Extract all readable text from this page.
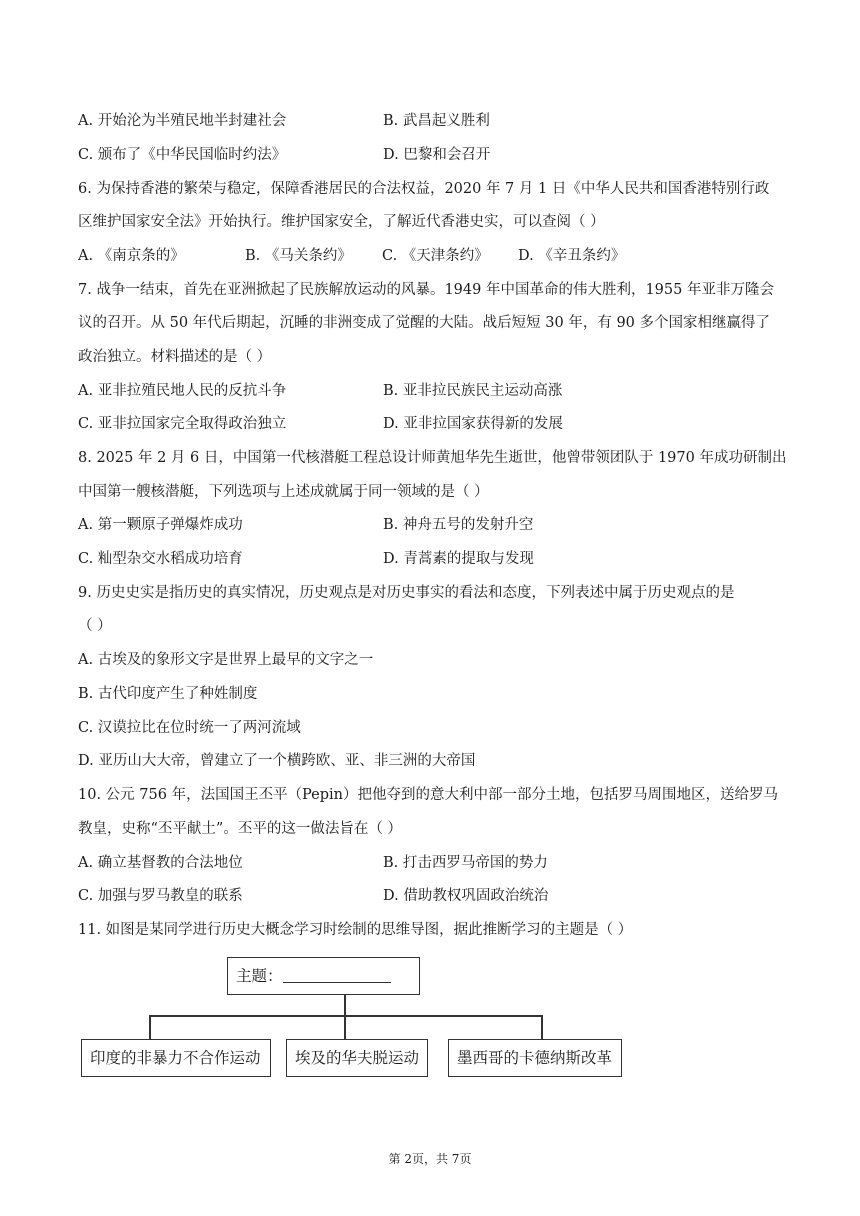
A. 开始沦为半殖民地半封建社会	B. 武昌起义胜利
C. 颁布了《中华民国临时约法》	D. 巴黎和会召开
6. 为保持香港的繁荣与稳定，保障香港居民的合法权益，2020 年 7 月 1 日《中华人民共和国香港特别行政
区维护国家安全法》开始执行。维护国家安全，了解近代香港史实，可以查阅（ ）
A. 《南京条的》	B. 《马关条约》 C. 《天津条约》 D. 《辛丑条约》
7. 战争一结束，首先在亚洲掀起了民族解放运动的风暴。1949 年中国革命的伟大胜利，1955 年亚非万隆会
议的召开。从 50 年代后期起，沉睡的非洲变成了觉醒的大陆。战后短短 30 年，有 90 多个国家相继赢得了
政治独立。材料描述的是（ ）
A. 亚非拉殖民地人民的反抗斗争	B. 亚非拉民族民主运动高涨
C. 亚非拉国家完全取得政治独立	D. 亚非拉国家获得新的发展
8. 2025 年 2 月 6 日，中国第一代核潜艇工程总设计师黄旭华先生逝世，他曾带领团队于 1970 年成功研制出
中国第一艘核潜艇，下列选项与上述成就属于同一领域的是（ ）
A. 第一颗原子弹爆炸成功	B. 神舟五号的发射升空
C. 籼型杂交水稻成功培育	D. 青蒿素的提取与发现
9. 历史史实是指历史的真实情况，历史观点是对历史事实的看法和态度，下列表述中属于历史观点的是
（ ）
A. 古埃及的象形文字是世界上最早的文字之一
B. 古代印度产生了种姓制度
C. 汉谟拉比在位时统一了两河流域
D. 亚历山大大帝，曾建立了一个横跨欧、亚、非三洲的大帝国
10. 公元 756 年，法国国王丕平（Pepin）把他夺到的意大利中部一部分土地，包括罗马周围地区，送给罗马
教皇，史称“丕平献土”。丕平的这一做法旨在（ ）
A. 确立基督教的合法地位	B. 打击西罗马帝国的势力
C. 加强与罗马教皇的联系	D. 借助教权巩固政治统治
11. 如图是某同学进行历史大概念学习时绘制的思维导图，据此推断学习的主题是（ ）
主题：
印度的非暴力不合作运动	埃及的华夫脱运动	墨西哥的卡德纳斯改革
第 2页，共 7页
